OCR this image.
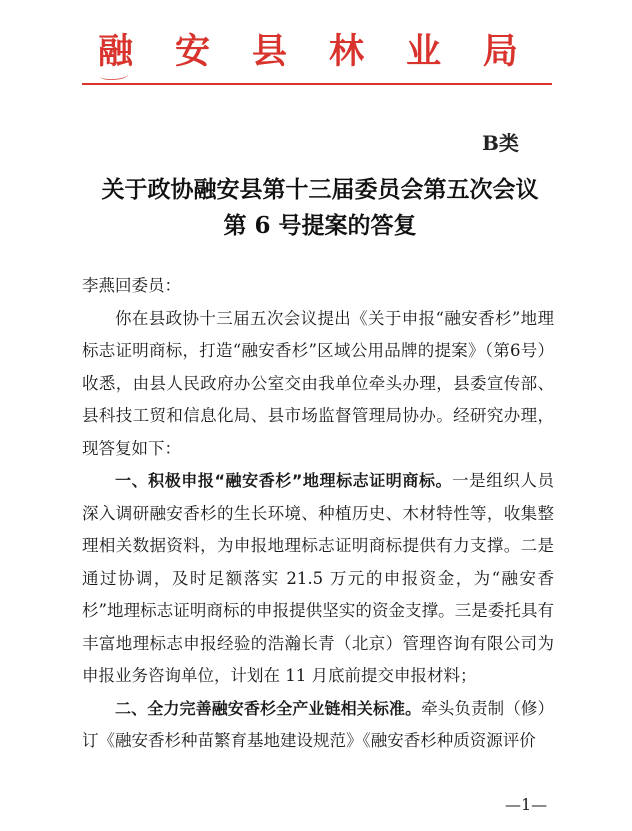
融 安 县 林 业 局
B类
关于政协融安县第十三届委员会第五次会议
第 6 号提案的答复

李燕回委员：

你在县政协十三届五次会议提出《关于申报“融安香杉”地理标志证明商标，打造“融安香杉”区域公用品牌的提案》（第6号）收悉，由县人民政府办公室交由我单位牵头办理，县委宣传部、县科技工贸和信息化局、县市场监督管理局协办。经研究办理，现答复如下：

一、积极申报“融安香杉”地理标志证明商标。一是组织人员深入调研融安香杉的生长环境、种植历史、木材特性等，收集整理相关数据资料，为申报地理标志证明商标提供有力支撑。二是通过协调，及时足额落实 21.5 万元的申报资金，为“融安香杉”地理标志证明商标的申报提供坚实的资金支撑。三是委托具有丰富地理标志申报经验的浩瀚长青（北京）管理咨询有限公司为申报业务咨询单位，计划在 11 月底前提交申报材料；

二、全力完善融安香杉全产业链相关标准。牵头负责制（修）订《融安香杉种苗繁育基地建设规范》《融安香杉种质资源评价

—1—
